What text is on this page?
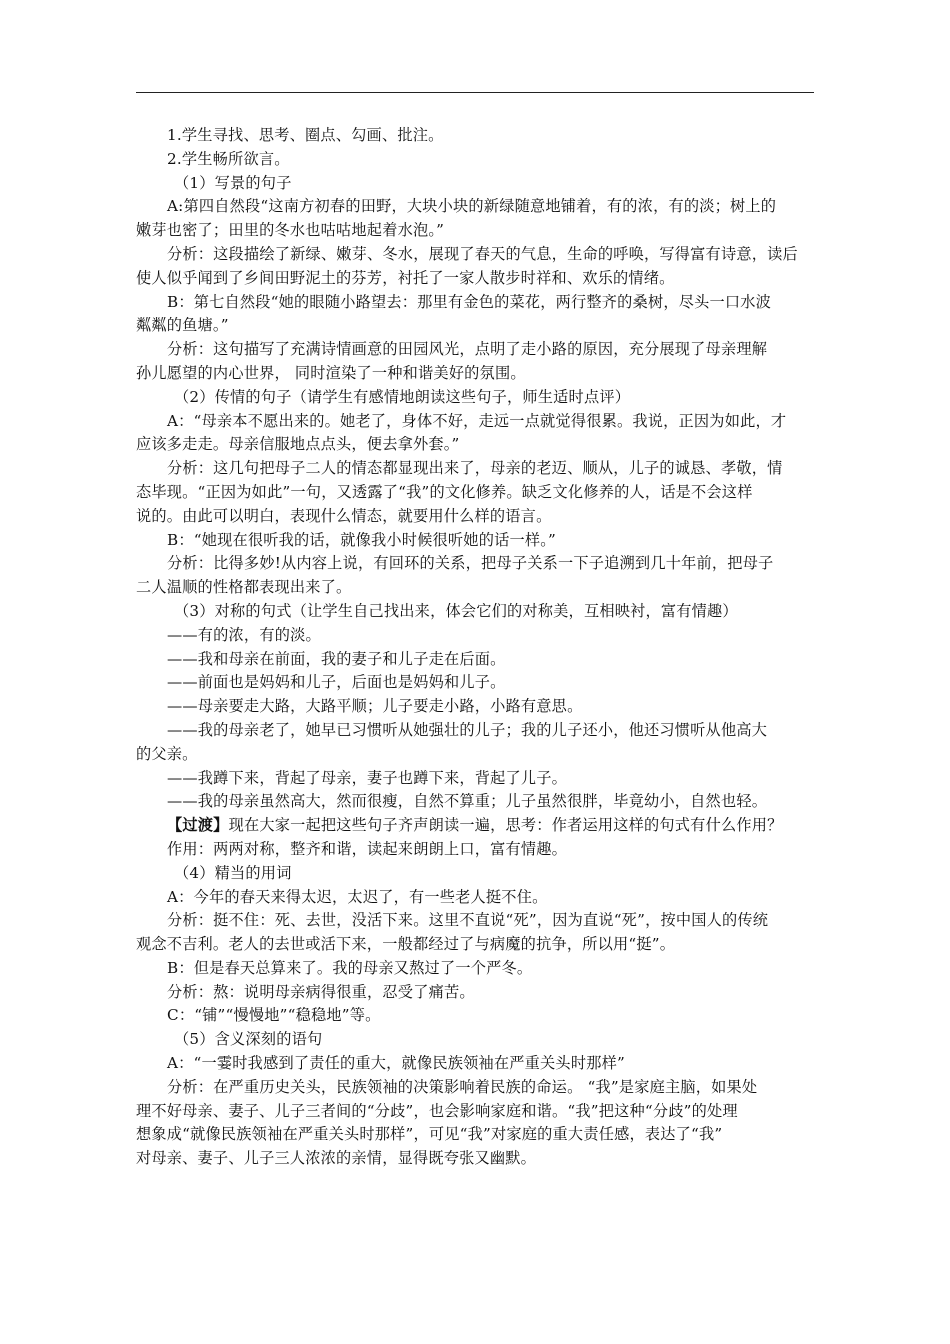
1.学生寻找、思考、圈点、勾画、批注。
2.学生畅所欲言。
（1）写景的句子
A:第四自然段“这南方初春的田野，大块小块的新绿随意地铺着，有的浓，有的淡；树上的
嫩芽也密了；田里的冬水也咕咕地起着水泡。”
分析：这段描绘了新绿、嫩芽、冬水，展现了春天的气息，生命的呼唤，写得富有诗意，读后
使人似乎闻到了乡间田野泥土的芬芳，衬托了一家人散步时祥和、欢乐的情绪。
B：第七自然段“她的眼随小路望去：那里有金色的菜花，两行整齐的桑树，尽头一口水波
粼粼的鱼塘。”
分析：这句描写了充满诗情画意的田园风光，点明了走小路的原因，充分展现了母亲理解
孙儿愿望的内心世界， 同时渲染了一种和谐美好的氛围。
（2）传情的句子（请学生有感情地朗读这些句子，师生适时点评）
A：“母亲本不愿出来的。她老了，身体不好，走远一点就觉得很累。我说，正因为如此，才
应该多走走。母亲信服地点点头，便去拿外套。”
分析：这几句把母子二人的情态都显现出来了，母亲的老迈、顺从，儿子的诚恳、孝敬，情
态毕现。“正因为如此”一句，又透露了“我”的文化修养。缺乏文化修养的人，话是不会这样
说的。由此可以明白，表现什么情态，就要用什么样的语言。
B：“她现在很听我的话，就像我小时候很听她的话一样。”
分析：比得多妙!从内容上说，有回环的关系，把母子关系一下子追溯到几十年前，把母子
二人温顺的性格都表现出来了。
（3）对称的句式（让学生自己找出来，体会它们的对称美，互相映衬，富有情趣）
——有的浓，有的淡。
——我和母亲在前面，我的妻子和儿子走在后面。
——前面也是妈妈和儿子，后面也是妈妈和儿子。
——母亲要走大路，大路平顺；儿子要走小路，小路有意思。
——我的母亲老了，她早已习惯听从她强壮的儿子；我的儿子还小，他还习惯听从他高大
的父亲。
——我蹲下来，背起了母亲，妻子也蹲下来，背起了儿子。
——我的母亲虽然高大，然而很瘦，自然不算重；儿子虽然很胖，毕竟幼小，自然也轻。
【过渡】现在大家一起把这些句子齐声朗读一遍，思考：作者运用这样的句式有什么作用？
作用：两两对称，整齐和谐，读起来朗朗上口，富有情趣。
（4）精当的用词
A：今年的春天来得太迟，太迟了，有一些老人挺不住。
分析：挺不住：死、去世，没活下来。这里不直说“死”，因为直说“死”，按中国人的传统
观念不吉利。老人的去世或活下来，一般都经过了与病魔的抗争，所以用“挺”。
B：但是春天总算来了。我的母亲又熬过了一个严冬。
分析：熬：说明母亲病得很重，忍受了痛苦。
C：“铺”“慢慢地”“稳稳地”等。
（5）含义深刻的语句
A：“一霎时我感到了责任的重大，就像民族领袖在严重关头时那样”
分析：在严重历史关头，民族领袖的决策影响着民族的命运。 “我”是家庭主脑，如果处
理不好母亲、妻子、儿子三者间的“分歧”，也会影响家庭和谐。“我”把这种“分歧”的处理
想象成“就像民族领袖在严重关头时那样”，可见“我”对家庭的重大责任感，表达了“我”
对母亲、妻子、儿子三人浓浓的亲情，显得既夸张又幽默。
